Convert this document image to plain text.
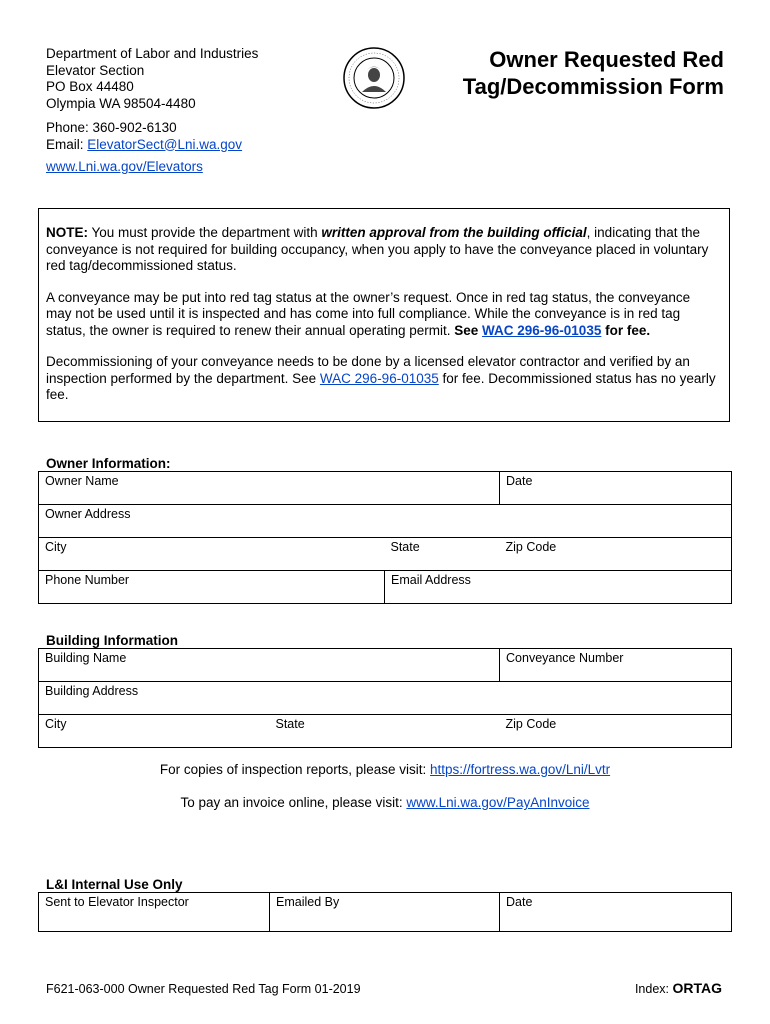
Department of Labor and Industries
Elevator Section
PO Box 44480
Olympia WA 98504-4480
Phone: 360-902-6130
Email: ElevatorSect@Lni.wa.gov
www.Lni.wa.gov/Elevators
Owner Requested Red
Tag/Decommission Form

NOTE: You must provide the department with written approval from the building official, indicating that the conveyance is not required for building occupancy, when you apply to have the conveyance placed in voluntary red tag/decommissioned status.

A conveyance may be put into red tag status at the owner’s request. Once in red tag status, the conveyance may not be used until it is inspected and has come into full compliance. While the conveyance is in red tag status, the owner is required to renew their annual operating permit. See WAC 296-96-01035 for fee.

Decommissioning of your conveyance needs to be done by a licensed elevator contractor and verified by an inspection performed by the department. See WAC 296-96-01035 for fee. Decommissioned status has no yearly fee.

Owner Information:
Owner Name		Date
Owner Address		
City	State	Zip Code
Phone Number	Email Address	
Building Information
Building Name		Conveyance Number
Building Address		
City	State	Zip Code
For copies of inspection reports, please visit: https://fortress.wa.gov/Lni/Lvtr
To pay an invoice online, please visit: www.Lni.wa.gov/PayAnInvoice
L&I Internal Use Only
Sent to Elevator Inspector	Emailed By	Date
F621-063-000 Owner Requested Red Tag Form 01-2019	Index: ORTAG
